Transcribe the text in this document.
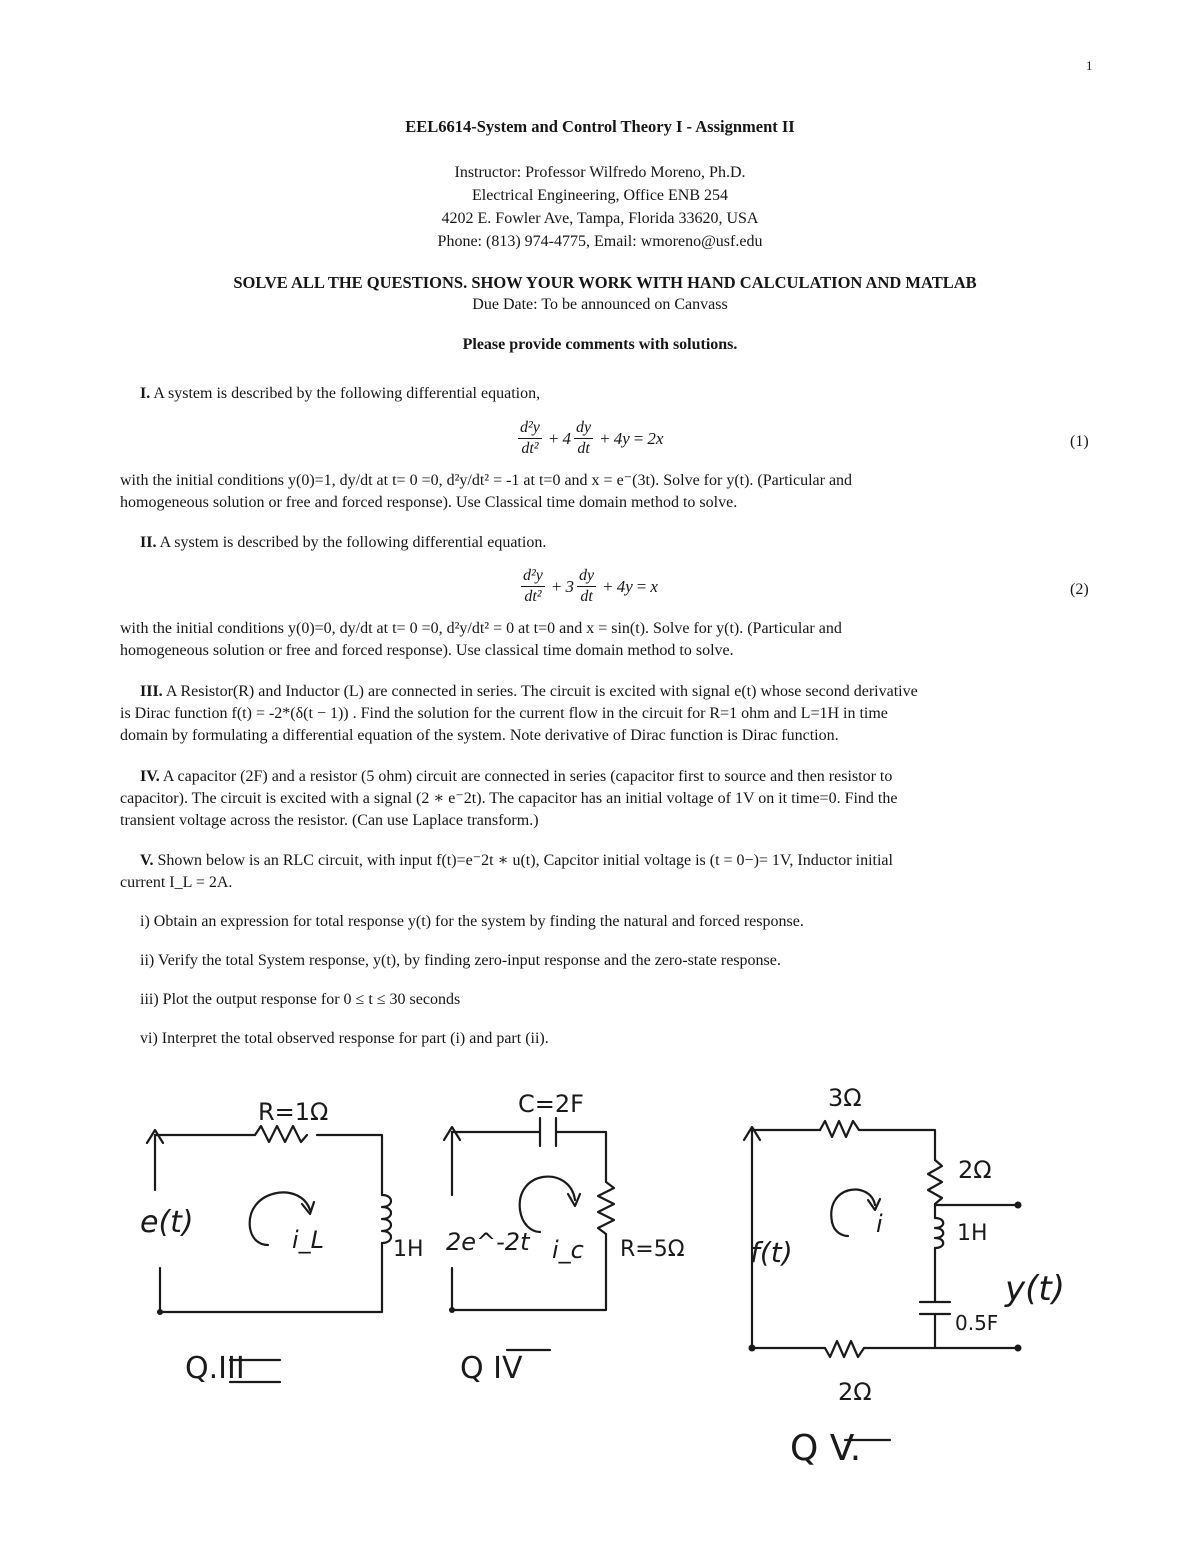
1
EEL6614-System and Control Theory I - Assignment II
Instructor: Professor Wilfredo Moreno, Ph.D.
Electrical Engineering, Office ENB 254
4202 E. Fowler Ave, Tampa, Florida 33620, USA
Phone: (813) 974-4775, Email: wmoreno@usf.edu
SOLVE ALL THE QUESTIONS. SHOW YOUR WORK WITH HAND CALCULATION AND MATLAB
Due Date: To be announced on Canvass
Please provide comments with solutions.
I. A system is described by the following differential equation,
$\frac{\text{d²y}}{\text{dt²}} + 4 \frac{dy}{dt} + 4y = 2x$	(1)
with the initial conditions y(0)=1, dy/dt at t= 0 =0, d²y/dt² = -1 at t=0 and x = e⁻(3t). Solve for y(t). (Particular and
homogeneous solution or free and forced response). Use Classical time domain method to solve.
II. A system is described by the following differential equation.
$\frac{\text{d²y}}{\text{dt²}} + 3 \frac{dy}{dt} + 4y = x$	(2)
with the initial conditions y(0)=0, dy/dt at t= 0 =0, d²y/dt² = 0 at t=0 and x = sin(t). Solve for y(t). (Particular and
homogeneous solution or free and forced response). Use classical time domain method to solve.
III. A Resistor(R) and Inductor (L) are connected in series. The circuit is excited with signal e(t) whose second derivative
is Dirac function f(t) = -2*(δ(t − 1)) . Find the solution for the current flow in the circuit for R=1 ohm and L=1H in time
domain by formulating a differential equation of the system. Note derivative of Dirac function is Dirac function.
IV. A capacitor (2F) and a resistor (5 ohm) circuit are connected in series (capacitor first to source and then resistor to
capacitor). The circuit is excited with a signal (2 ∗ e⁻2t). The capacitor has an initial voltage of 1V on it time=0. Find the
transient voltage across the resistor. (Can use Laplace transform.)
V. Shown below is an RLC circuit, with input f(t)=e⁻2t ∗ u(t), Capcitor initial voltage is (t = 0−)= 1V, Inductor initial
current I_L = 2A.
i) Obtain an expression for total response y(t) for the system by finding the natural and forced response.
ii) Verify the total System response, y(t), by finding zero-input response and the zero-state response.
iii) Plot the output response for 0 ≤ t ≤ 30 seconds
vi) Interpret the total observed response for part (i) and part (ii).
R=1Ω
e(t)	i_L	1H
Q.III
C=2F
2e^-2t i_c R=5Ω
Q IV
3Ω
2Ω
1H
0.5F
y(t)
f(t)
i
2Ω
Q V.
